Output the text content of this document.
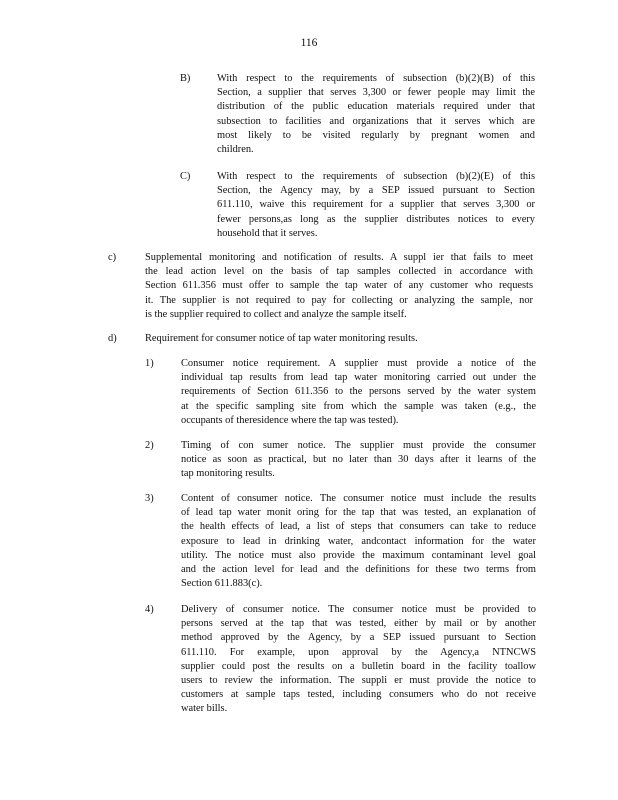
116
B)	With respect to the requirements of subsection (b)(2)(B) of this
Section, a supplier that serves 3,300 or fewer people may limit the
distribution of the public education materials required under that
subsection to facilities and organizations that it serves which are
most likely to be visited regularly by pregnant women and
children.
C)	With respect to the requirements of subsection (b)(2)(E) of this
Section, the Agency may, by a SEP issued pursuant to Section
611.110, waive this requirement for a supplier that serves 3,300 or
fewer persons,as long as the supplier distributes notices to every
household that it serves.
c)	Supplemental monitoring and notification of results. A suppl ier that fails to meet
the lead action level on the basis of tap samples collected in accordance with
Section 611.356 must offer to sample the tap water of any customer who requests
it. The supplier is not required to pay for collecting or analyzing the sample, nor
is the supplier required to collect and analyze the sample itself.
d)	Requirement for consumer notice of tap water monitoring results.
1)	Consumer notice requirement. A supplier must provide a notice of the
individual tap results from lead tap water monitoring carried out under the
requirements of Section 611.356 to the persons served by the water system
at the specific sampling site from which the sample was taken (e.g., the
occupants of theresidence where the tap was tested).
2)	Timing of con sumer notice. The supplier must provide the consumer
notice as soon as practical, but no later than 30 days after it learns of the
tap monitoring results.
3)	Content of consumer notice. The consumer notice must include the results
of lead tap water monit oring for the tap that was tested, an explanation of
the health effects of lead, a list of steps that consumers can take to reduce
exposure to lead in drinking water, andcontact information for the water
utility. The notice must also provide the maximum contaminant level goal
and the action level for lead and the definitions for these two terms from
Section 611.883(c).
4)	Delivery of consumer notice. The consumer notice must be provided to
persons served at the tap that was tested, either by mail or by another
method approved by the Agency, by a SEP issued pursuant to Section
611.110. For example, upon approval by the Agency,a NTNCWS
supplier could post the results on a bulletin board in the facility toallow
users to review the information. The suppli er must provide the notice to
customers at sample taps tested, including consumers who do not receive
water bills.
